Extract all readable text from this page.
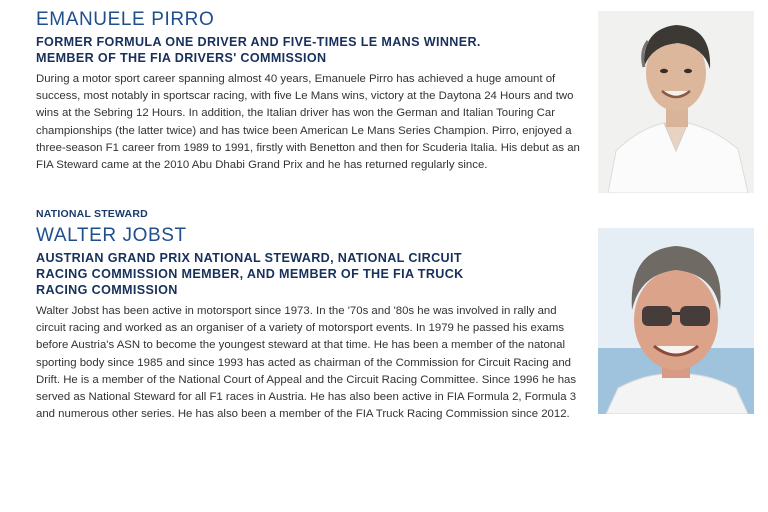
EMANUELE PIRRO
FORMER FORMULA ONE DRIVER AND FIVE-TIMES LE MANS WINNER. MEMBER OF THE FIA DRIVERS' COMMISSION

During a motor sport career spanning almost 40 years, Emanuele Pirro has achieved a huge amount of success, most notably in sportscar racing, with five Le Mans wins, victory at the Daytona 24 Hours and two wins at the Sebring 12 Hours. In addition, the Italian driver has won the German and Italian Touring Car championships (the latter twice) and has twice been American Le Mans Series Champion. Pirro, enjoyed a three-season F1 career from 1989 to 1991, firstly with Benetton and then for Scuderia Italia. His debut as an FIA Steward came at the 2010 Abu Dhabi Grand Prix and he has returned regularly since.

NATIONAL STEWARD
WALTER JOBST
AUSTRIAN GRAND PRIX NATIONAL STEWARD, NATIONAL CIRCUIT RACING COMMISSION MEMBER, AND MEMBER OF THE FIA TRUCK RACING COMMISSION

Walter Jobst has been active in motorsport since 1973. In the '70s and '80s he was involved in rally and circuit racing and worked as an organiser of a variety of motorsport events. In 1979 he passed his exams before Austria's ASN to become the youngest steward at that time. He has been a member of the natonal sporting body since 1985 and since 1993 has acted as chairman of the Commission for Circuit Racing and Drift. He is a member of the National Court of Appeal and the Circuit Racing Committee. Since 1996 he has served as National Steward for all F1 races in Austria. He has also been active in FIA Formula 2, Formula 3 and numerous other series. He has also been a member of the FIA Truck Racing Commission since 2012.
